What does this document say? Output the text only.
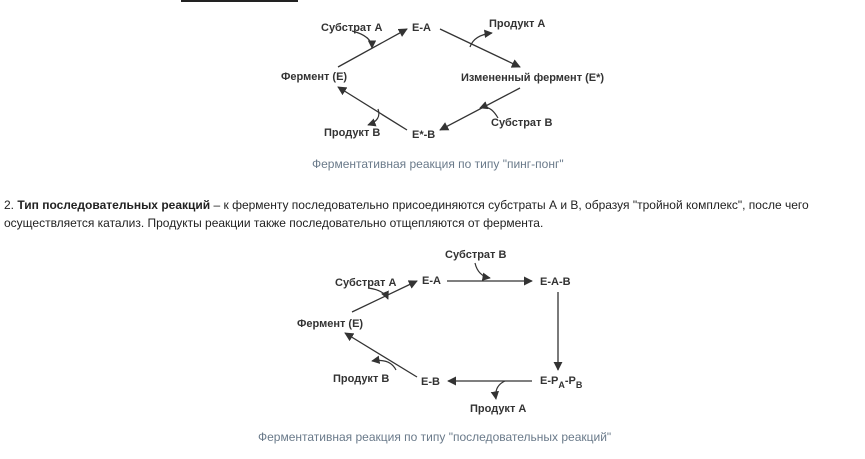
Субстрат А	E-A	Продукт А
Фермент (Е)	Измененный фермент (E*)
Продукт В	E*-B
Субстрат В
Субстрат В
Субстрат А E-A	E-A-B
Фермент (Е)
Продукт В	E-B	$E-P_A-P_B$
Продукт А
Ферментативная реакция по типу "пинг-понг"
2. Тип последовательных реакций – к ферменту последовательно присоединяются субстраты А и В, образуя "тройной комплекс", после чего осуществляется катализ. Продукты реакции также последовательно отщепляются от фермента.
Ферментативная реакция по типу "последовательных реакций"
